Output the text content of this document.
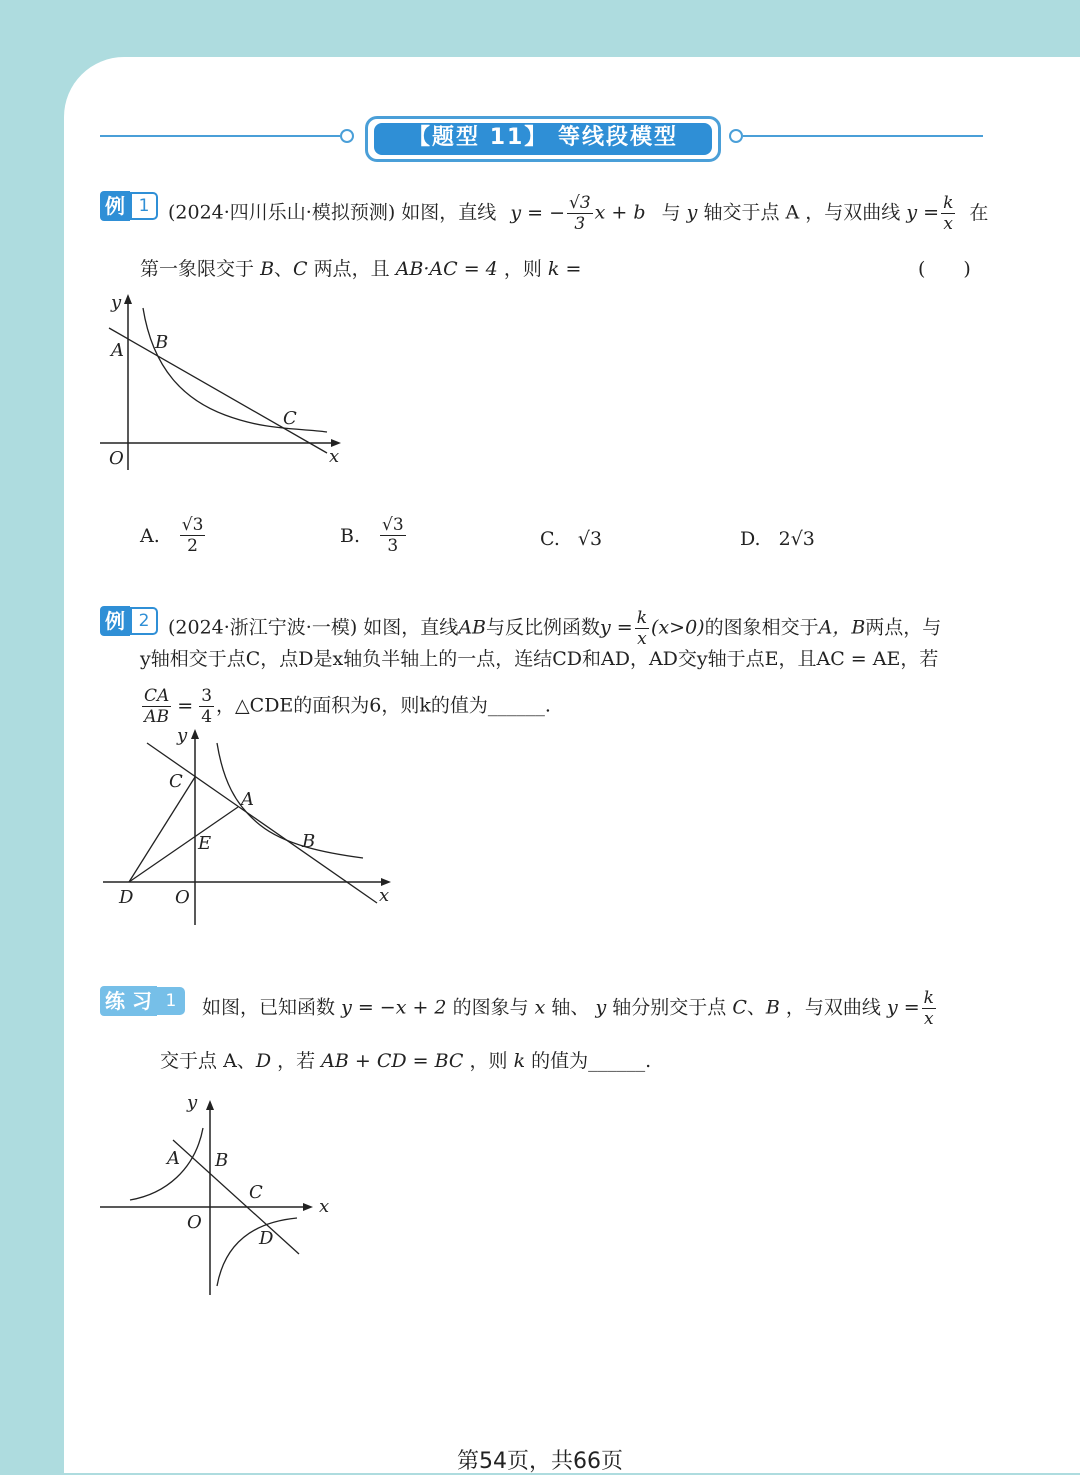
【题型 11】 等线段模型
例 1 (2024·四川乐山·模拟预测) 如图，直线 y = − $\frac{√3}{3}$ x + b 与 y 轴交于点 A ，与双曲线 $y = \frac{k}{x}$ 在
第一象限交于 B、C 两点，且 AB·AC = 4 ，则 k =	(　　)
y
A B
C
O	x
A. $\frac{√3}{2}$	B. $\frac{√3}{3}$	C. √3	D. 2√3
例 2 (2024·浙江宁波·一模) 如图，直线AB与反比例函数$y = \frac{k}{x} (x>0)$的图象相交于A，B两点，与
y轴相交于点C，点D是x轴负半轴上的一点，连结CD和AD，AD交y轴于点E，且AC = AE，若
$\frac{CA}{AB} = \frac{3}{4}$ ，△CDE的面积为6，则k的值为______.
y
C
A
E	B
D O	x
练 习 1	如图，已知函数 y = −x + 2 的图象与 x 轴、 y 轴分别交于点 C、B ，与双曲线 $y = \frac{k}{x}$
交于点 A、D ，若 AB + CD = BC ，则 k 的值为______.
y
A B
C
O
D
x
第54页，共66页
